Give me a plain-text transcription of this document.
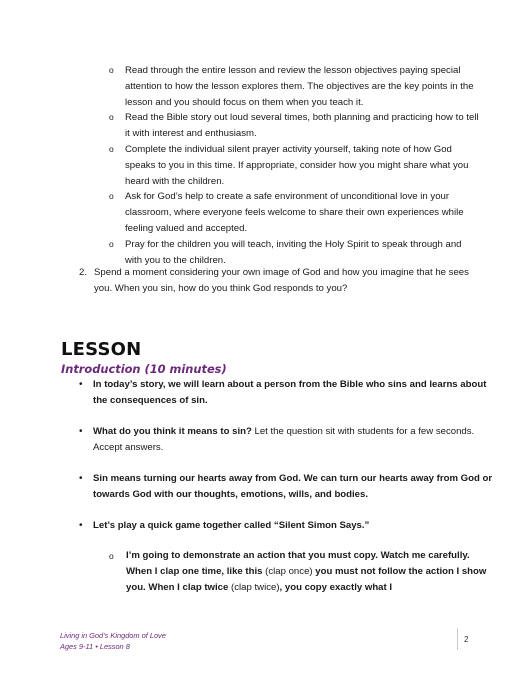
o Read through the entire lesson and review the lesson objectives paying special attention to how the lesson explores them. The objectives are the key points in the lesson and you should focus on them when you teach it.
o Read the Bible story out loud several times, both planning and practicing how to tell it with interest and enthusiasm.
o Complete the individual silent prayer activity yourself, taking note of how God speaks to you in this time. If appropriate, consider how you might share what you heard with the children.
o Ask for God’s help to create a safe environment of unconditional love in your classroom, where everyone feels welcome to share their own experiences while feeling valued and accepted.
o Pray for the children you will teach, inviting the Holy Spirit to speak through and with you to the children.
2. Spend a moment considering your own image of God and how you imagine that he sees you. When you sin, how do you think God responds to you?
LESSON
Introduction (10 minutes)
• In today’s story, we will learn about a person from the Bible who sins and learns about the consequences of sin.
• What do you think it means to sin? Let the question sit with students for a few seconds. Accept answers.
• Sin means turning our hearts away from God. We can turn our hearts away from God or towards God with our thoughts, emotions, wills, and bodies.
• Let’s play a quick game together called “Silent Simon Says.”
o I’m going to demonstrate an action that you must copy. Watch me carefully. When I clap one time, like this (clap once) you must not follow the action I show you. When I clap twice (clap twice), you copy exactly what I
Living in God’s Kingdom of Love
Ages 9-11 • Lesson 8
2
